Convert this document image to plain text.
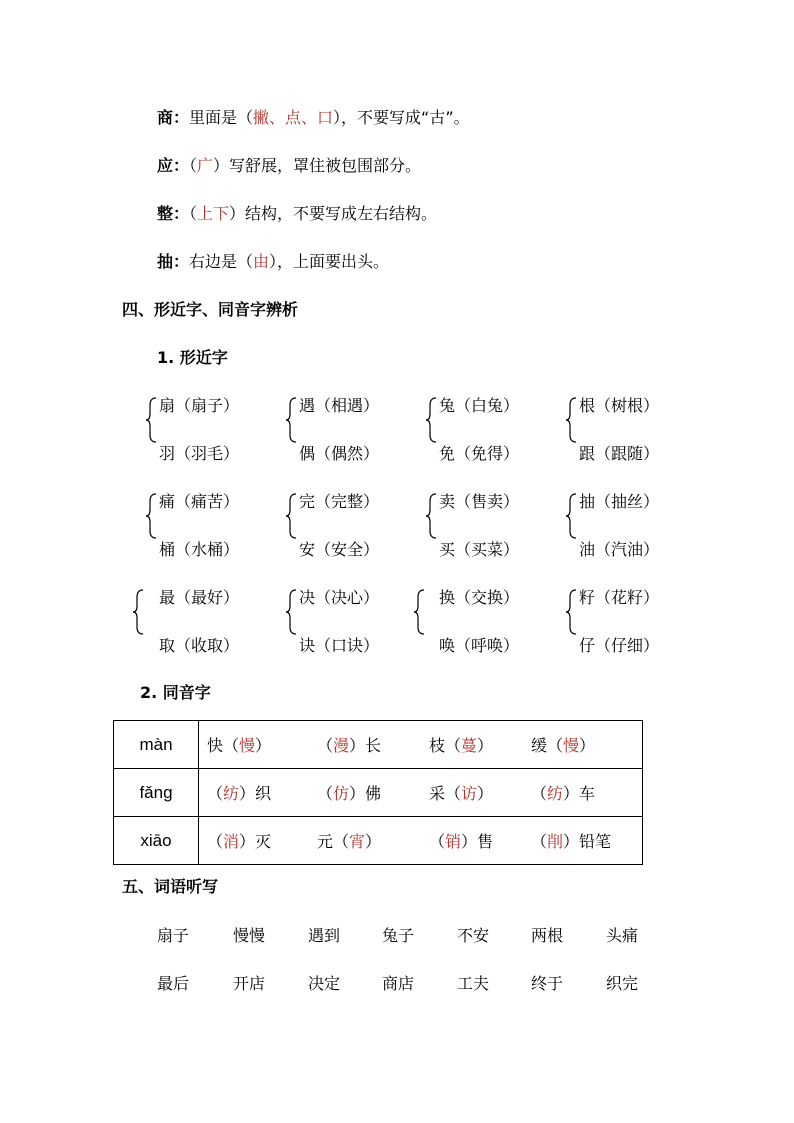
商：里面是（撇、点、口），不要写成“古”。
应：（广）写舒展，罩住被包围部分。
整：（上下）结构，不要写成左右结构。
抽：右边是（由），上面要出头。
四、形近字、同音字辨析
1. 形近字
扇（扇子）
羽（羽毛）
遇（相遇）
偶（偶然）
兔（白兔）
免（免得）
根（树根）
跟（跟随）
痛（痛苦）
桶（水桶）
完（完整）
安（安全）
卖（售卖）
买（买菜）
抽（抽丝）
油（汽油）
最（最好）
取（收取）
决（决心）
诀（口诀）
换（交换）
唤（呼唤）
籽（花籽）
仔（仔细）
2. 同音字
màn	快（慢） （漫）长 枝（蔓） 缓（慢）

fǎng	（纺）织 （仿）佛 采（访） （纺）车

xiāo	（消）灭 元（宵） （销）售 （削）铅笔
五、词语听写
扇子	慢慢	遇到	兔子	不安	两根	头痛
最后	开店	决定	商店	工夫	终于	织完
